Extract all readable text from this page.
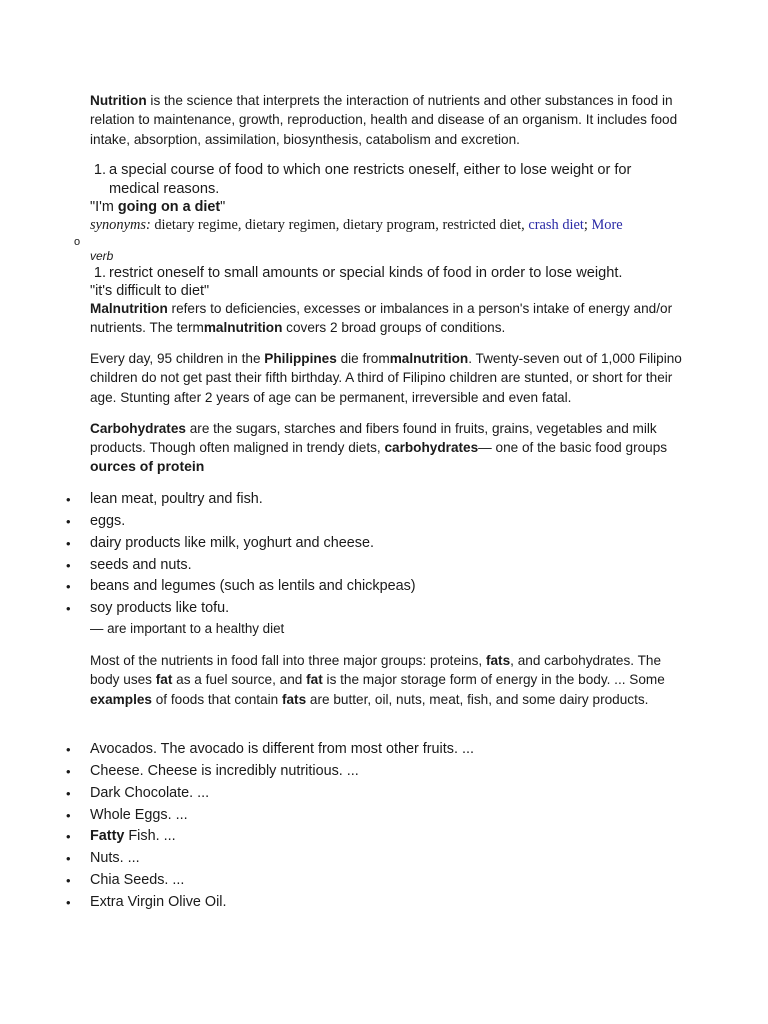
Nutrition is the science that interprets the interaction of nutrients and other substances in food in relation to maintenance, growth, reproduction, health and disease of an organism. It includes food intake, absorption, assimilation, biosynthesis, catabolism and excretion.

1. a special course of food to which one restricts oneself, either to lose weight or for medical reasons.
"I'm going on a diet"
synonyms: dietary regime, dietary regimen, dietary program, restricted diet, crash diet; More
o
verb
1. restrict oneself to small amounts or special kinds of food in order to lose weight.
"it's difficult to diet"

Malnutrition refers to deficiencies, excesses or imbalances in a person's intake of energy and/or nutrients. The termmalnutrition covers 2 broad groups of conditions.

Every day, 95 children in the Philippines die frommalnutrition. Twenty-seven out of 1,000 Filipino children do not get past their fifth birthday. A third of Filipino children are stunted, or short for their age. Stunting after 2 years of age can be permanent, irreversible and even fatal.

Carbohydrates are the sugars, starches and fibers found in fruits, grains, vegetables and milk products. Though often maligned in trendy diets, carbohydrates— one of the basic food groups

ources of protein
• lean meat, poultry and fish.
• eggs.
• dairy products like milk, yoghurt and cheese.
• seeds and nuts.
• beans and legumes (such as lentils and chickpeas)
• soy products like tofu.
— are important to a healthy diet

Most of the nutrients in food fall into three major groups: proteins, fats, and carbohydrates. The body uses fat as a fuel source, and fat is the major storage form of energy in the body. ... Some examples of foods that contain fats are butter, oil, nuts, meat, fish, and some dairy products.

• Avocados. The avocado is different from most other fruits. ...
• Cheese. Cheese is incredibly nutritious. ...
• Dark Chocolate. ...
• Whole Eggs. ...
• Fatty Fish. ...
• Nuts. ...
• Chia Seeds. ...
• Extra Virgin Olive Oil.
